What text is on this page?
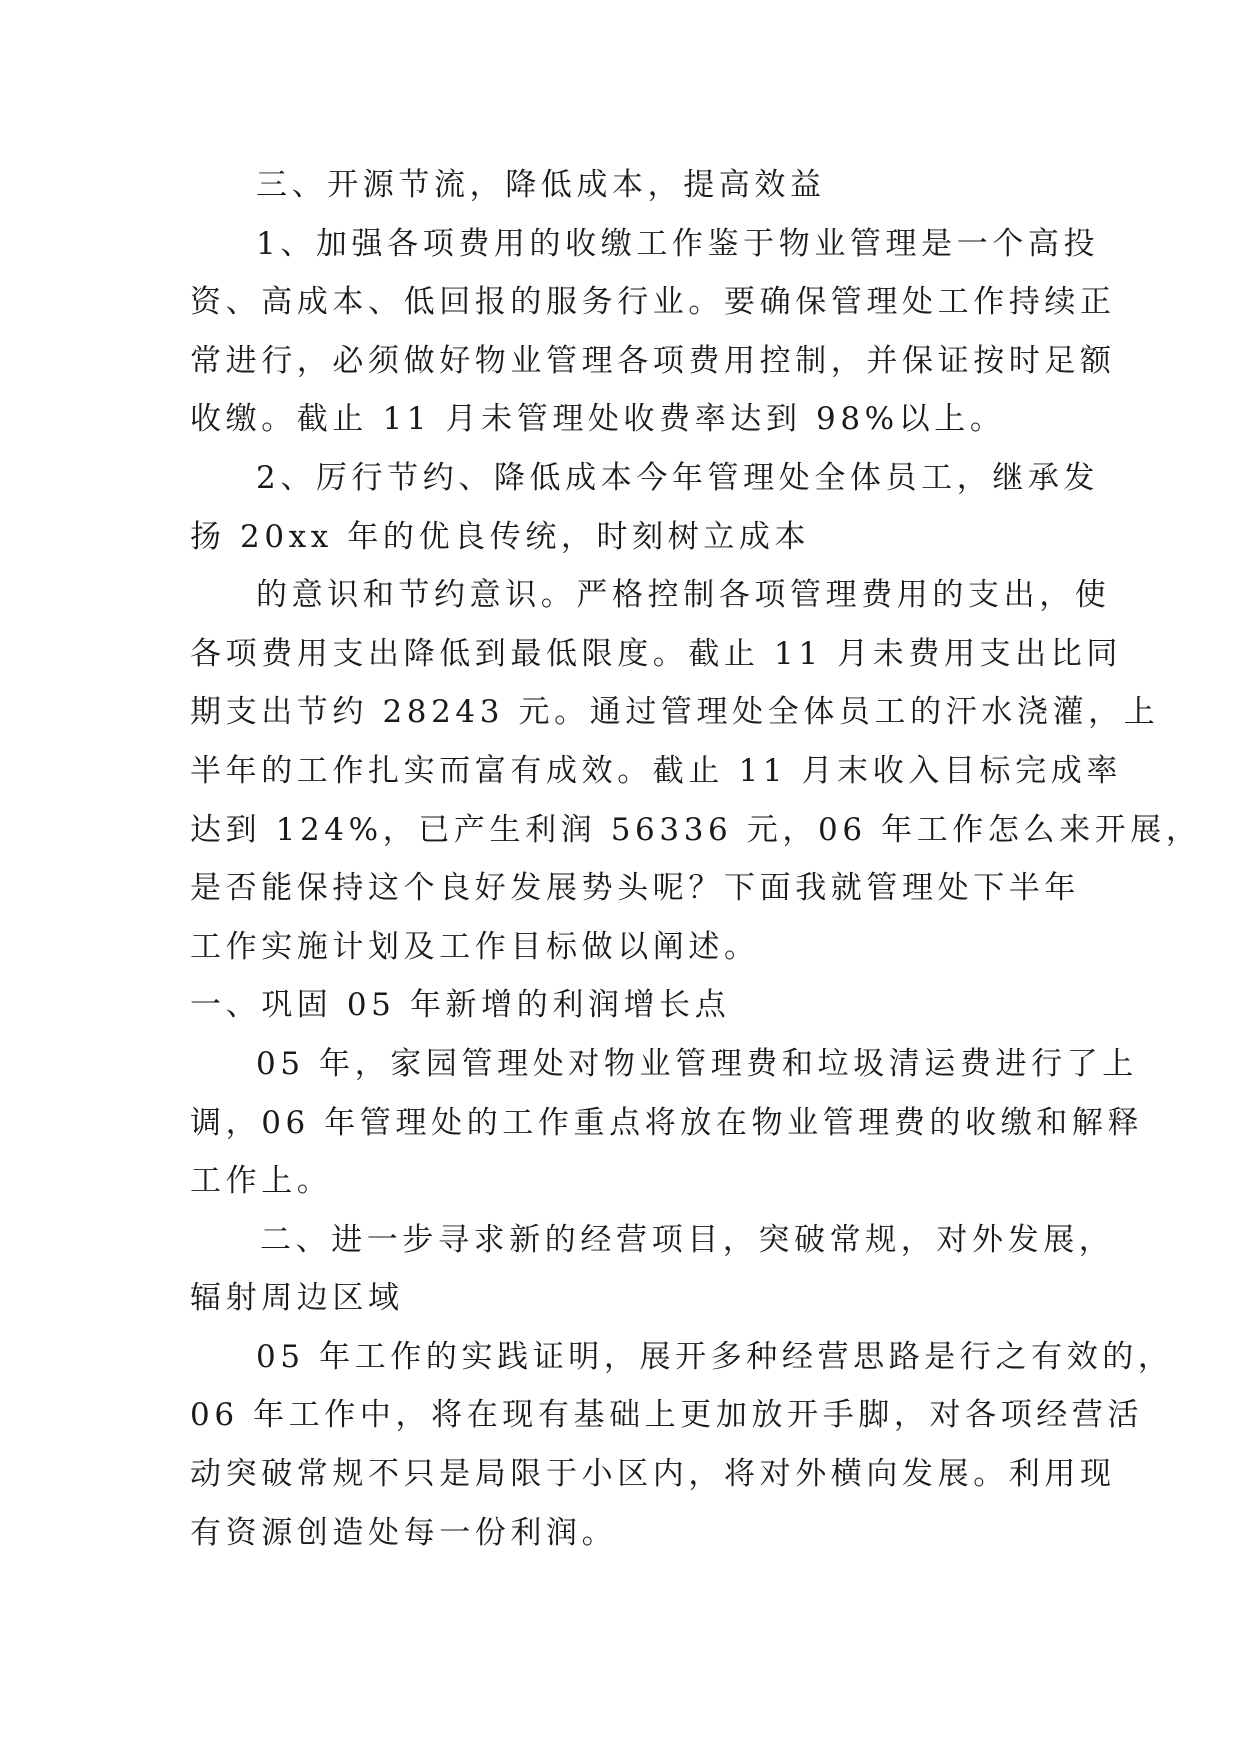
三、开源节流，降低成本，提高效益
1、加强各项费用的收缴工作鉴于物业管理是一个高投
资、高成本、低回报的服务行业。要确保管理处工作持续正
常进行，必须做好物业管理各项费用控制，并保证按时足额
收缴。截止 11 月未管理处收费率达到 98%以上。
2、厉行节约、降低成本今年管理处全体员工，继承发
扬 20xx 年的优良传统，时刻树立成本
的意识和节约意识。严格控制各项管理费用的支出，使
各项费用支出降低到最低限度。截止 11 月未费用支出比同
期支出节约 28243 元。通过管理处全体员工的汗水浇灌，上
半年的工作扎实而富有成效。截止 11 月末收入目标完成率
达到 124%，已产生利润 56336 元，06 年工作怎么来开展，
是否能保持这个良好发展势头呢？下面我就管理处下半年
工作实施计划及工作目标做以阐述。
一、巩固 05 年新增的利润增长点
05 年，家园管理处对物业管理费和垃圾清运费进行了上
调，06 年管理处的工作重点将放在物业管理费的收缴和解释
工作上。
二、进一步寻求新的经营项目，突破常规，对外发展，
辐射周边区域
05 年工作的实践证明，展开多种经营思路是行之有效的，
06 年工作中，将在现有基础上更加放开手脚，对各项经营活
动突破常规不只是局限于小区内，将对外横向发展。利用现
有资源创造处每一份利润。
